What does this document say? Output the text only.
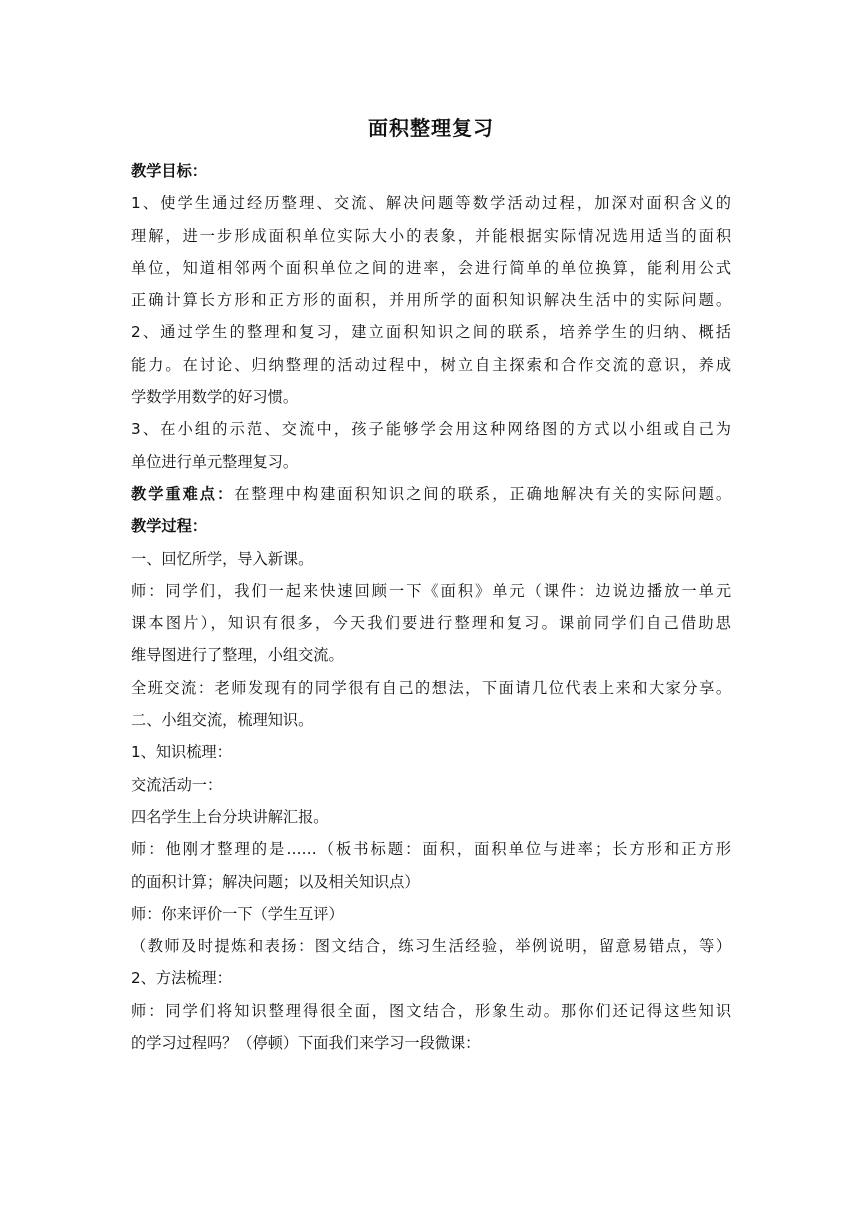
面积整理复习
教学目标：
1、使学生通过经历整理、交流、解决问题等数学活动过程，加深对面积含义的
理解，进一步形成面积单位实际大小的表象，并能根据实际情况选用适当的面积
单位，知道相邻两个面积单位之间的进率，会进行简单的单位换算，能利用公式
正确计算长方形和正方形的面积，并用所学的面积知识解决生活中的实际问题。
2、通过学生的整理和复习，建立面积知识之间的联系，培养学生的归纳、概括
能力。在讨论、归纳整理的活动过程中，树立自主探索和合作交流的意识，养成
学数学用数学的好习惯。
3、在小组的示范、交流中，孩子能够学会用这种网络图的方式以小组或自己为
单位进行单元整理复习。
教学重难点：在整理中构建面积知识之间的联系，正确地解决有关的实际问题。
教学过程：
一、回忆所学，导入新课。
师：同学们，我们一起来快速回顾一下《面积》单元（课件：边说边播放一单元
课本图片），知识有很多，今天我们要进行整理和复习。课前同学们自己借助思
维导图进行了整理，小组交流。
全班交流：老师发现有的同学很有自己的想法，下面请几位代表上来和大家分享。
二、小组交流，梳理知识。
1、知识梳理：
交流活动一：
四名学生上台分块讲解汇报。
师：他刚才整理的是……（板书标题：面积，面积单位与进率；长方形和正方形
的面积计算；解决问题；以及相关知识点）
师：你来评价一下（学生互评）
（教师及时提炼和表扬：图文结合，练习生活经验，举例说明，留意易错点，等）
2、方法梳理：
师：同学们将知识整理得很全面，图文结合，形象生动。那你们还记得这些知识
的学习过程吗？（停顿）下面我们来学习一段微课：
